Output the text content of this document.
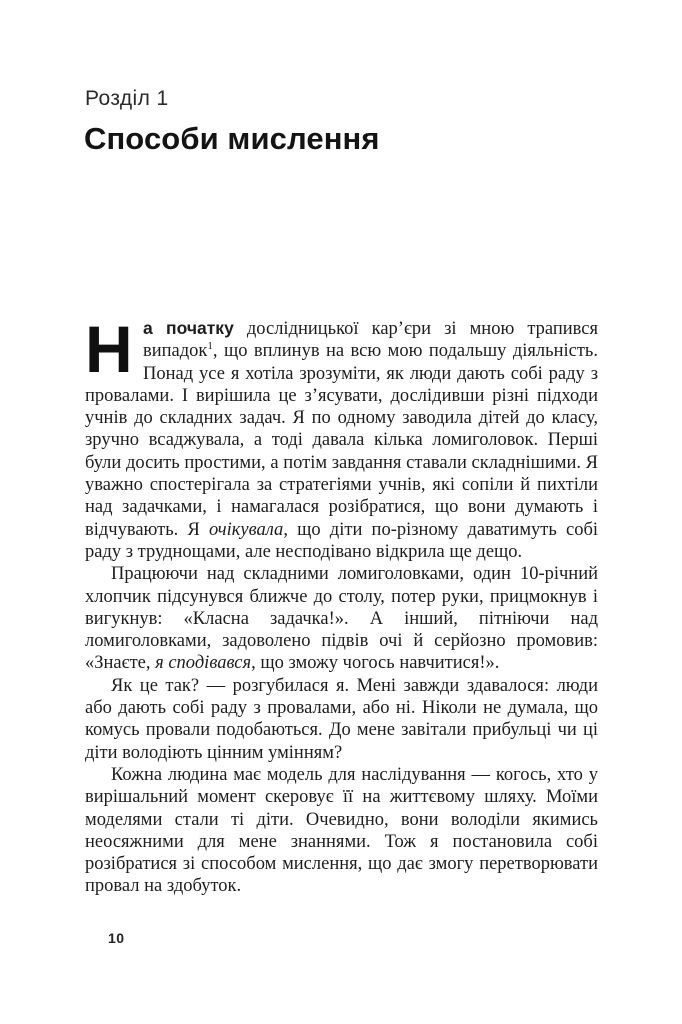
Розділ 1
Способи мислення

На початку дослідницької кар’єри зі мною трапився випадок$^1$, що вплинув на всю мою подальшу діяльність. Понад усе я хотіла зрозуміти, як люди дають собі раду з провалами. І вирішила це з’ясувати, дослідивши різні підходи учнів до складних задач. Я по одному заводила дітей до класу, зручно всаджувала, а тоді давала кілька ломиголовок. Перші були досить простими, а потім завдання ставали складнішими. Я уважно спостерігала за стратегіями учнів, які сопіли й пихтіли над задачками, і намагалася розібратися, що вони думають і відчувають. Я очікувала, що діти по-різному даватимуть собі раду з труднощами, але несподівано відкрила ще дещо.

Працюючи над складними ломиголовками, один 10-річний хлопчик підсунувся ближче до столу, потер руки, прицмокнув і вигукнув: «Класна задачка!». А інший, пітніючи над ломиголовками, задоволено підвів очі й серйозно промовив: «Знаєте, я сподівався, що зможу чогось навчитися!».

Як це так? — розгубилася я. Мені завжди здавалося: люди або дають собі раду з провалами, або ні. Ніколи не думала, що комусь провали подобаються. До мене завітали прибульці чи ці діти володіють цінним умінням?

Кожна людина має модель для наслідування — когось, хто у вирішальний момент скеровує її на життєвому шляху. Моїми моделями стали ті діти. Очевидно, вони володіли якимись неосяжними для мене знаннями. Тож я постановила собі розібратися зі способом мислення, що дає змогу перетворювати провал на здобуток.

10
